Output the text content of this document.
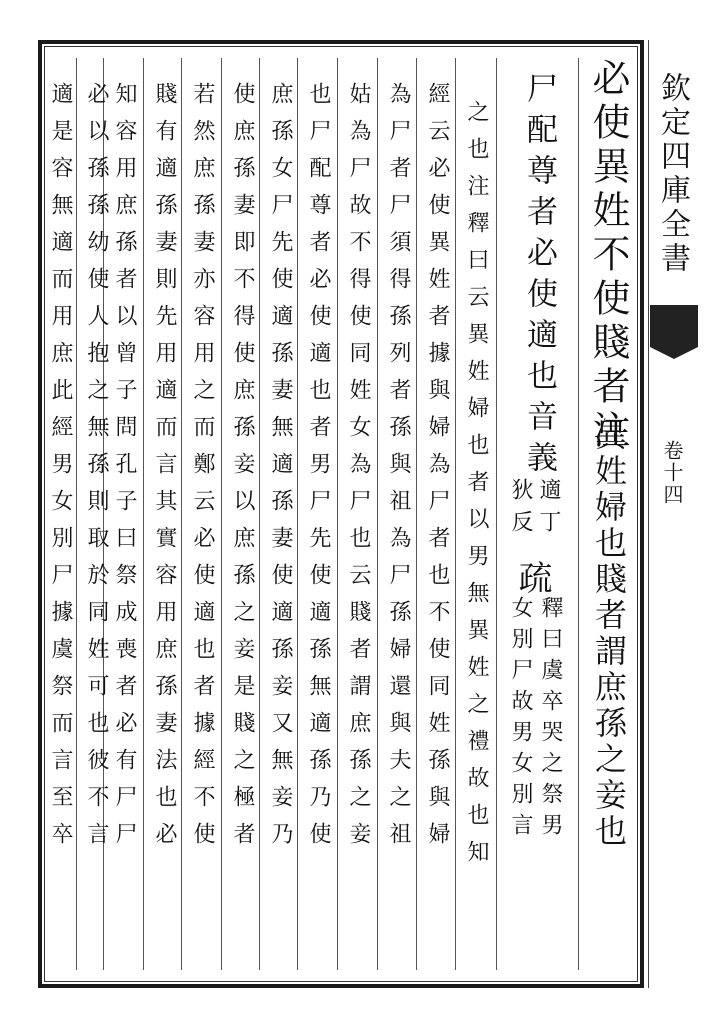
欽定四庫全書
卷十四
必使異姓不使賤者注
異姓婦也賤者謂庶孫之妾也
尸配尊者必使適也音義
適丁
狄反
疏
釋曰虞卒哭之祭男
女別尸故男女別言
之也注釋曰云異姓婦也者以男無異姓之禮故也知
經云必使異姓者據與婦為尸者也不使同姓孫與婦
為尸者尸須得孫列者孫與祖為尸孫婦還與夫之祖
姑為尸故不得使同姓女為尸也云賤者謂庶孫之妾
也尸配尊者必使適也者男尸先使適孫無適孫乃使
庶孫女尸先使適孫妻無適孫妻使適孫妾又無妾乃
使庶孫妻即不得使庶孫妾以庶孫之妾是賤之極者
若然庶孫妻亦容用之而鄭云必使適也者據經不使
賤有適孫妻則先用適而言其實容用庶孫妻法也必
知容用庶孫者以曾子問孔子曰祭成喪者必有尸尸
必以孫孫幼使人抱之無孫則取於同姓可也彼不言
適是容無適而用庶此經男女別尸據虞祭而言至卒
